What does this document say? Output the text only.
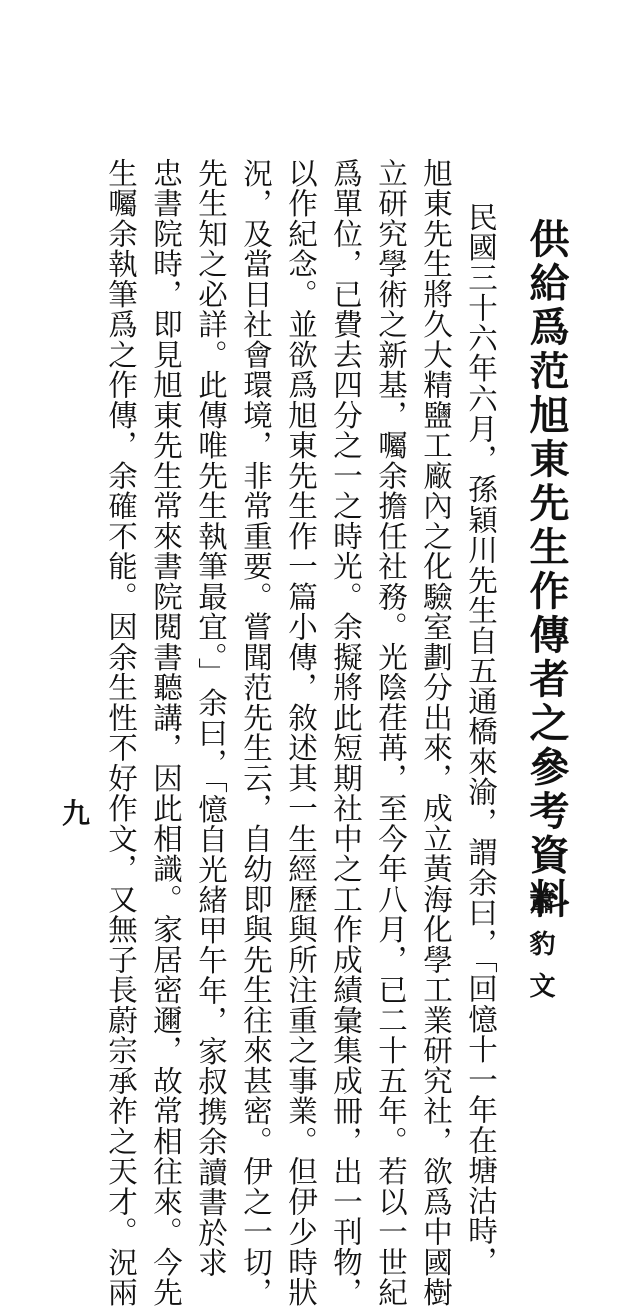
供給爲范旭東先生作傳者之參考資料

蕭豹文

民國三十六年六月，孫穎川先生自五通橋來渝，謂余曰，「回憶十一年在塘沽時，

旭東先生將久大精鹽工廠內之化驗室劃分出來，成立黃海化學工業研究社，欲爲中國樹

立研究學術之新基，囑余擔任社務。光陰荏苒，至今年八月，已二十五年。若以一世紀

爲單位，已費去四分之一之時光。余擬將此短期社中之工作成績彙集成冊，出一刊物，

以作紀念。並欲爲旭東先生作一篇小傳，敘述其一生經歷與所注重之事業。但伊少時狀

況，及當日社會環境，非常重要。嘗聞范先生云，自幼即與先生往來甚密。伊之一切，

先生知之必詳。此傳唯先生執筆最宜。」余曰，「憶自光緒甲午年，家叔携余讀書於求

忠書院時，即見旭東先生常來書院閱書聽講，因此相識。家居密邇，故常相往來。今先

生囑余執筆爲之作傳，余確不能。因余生性不好作文，又無子長蔚宗承祚之天才。況兩

九
